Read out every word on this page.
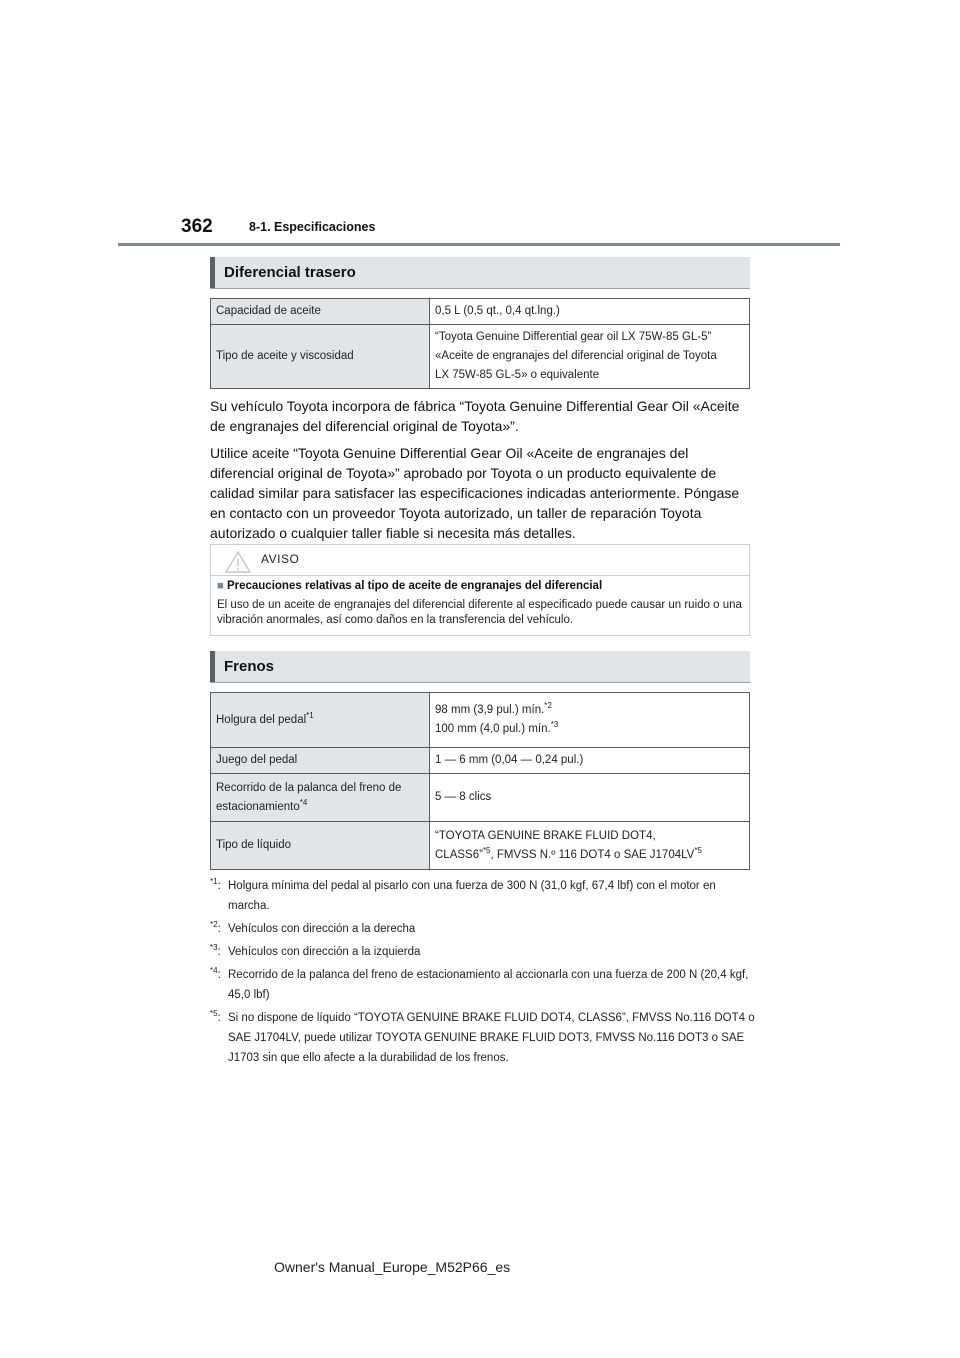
362	8-1. Especificaciones
Diferencial trasero
Capacidad de aceite	0,5 L (0,5 qt., 0,4 qt.lng.)
Tipo de aceite y viscosidad	“Toyota Genuine Differential gear oil LX 75W-85 GL-5”
«Aceite de engranajes del diferencial original de Toyota
LX 75W-85 GL-5» o equivalente

Su vehículo Toyota incorpora de fábrica “Toyota Genuine Differential Gear Oil «Aceite de engranajes del diferencial original de Toyota»”.

Utilice aceite “Toyota Genuine Differential Gear Oil «Aceite de engranajes del diferencial original de Toyota»” aprobado por Toyota o un producto equivalente de calidad similar para satisfacer las especificaciones indicadas anteriormente. Póngase en contacto con un proveedor Toyota autorizado, un taller de reparación Toyota autorizado o cualquier taller fiable si necesita más detalles.

AVISO
■ Precauciones relativas al tipo de aceite de engranajes del diferencial
El uso de un aceite de engranajes del diferencial diferente al especificado puede causar un ruido o una vibración anormales, así como daños en la transferencia del vehículo.
Frenos
Holgura del pedal$^{*1}$	98 mm (3,9 pul.) mín.$^{*2}$
100 mm (4,0 pul.) mín.$^{*3}$

Juego del pedal	1 — 6 mm (0,04 — 0,24 pul.)

Recorrido de la palanca del freno de
estacionamiento$^{*4}$	5 — 8 clics
Tipo de líquido	“TOYOTA GENUINE BRAKE FLUID DOT4,
CLASS6”$^{*5}$, FMVSS N.º 116 DOT4 o SAE J1704LV$^{*5}$
$^{*1}$: Holgura mínima del pedal al pisarlo con una fuerza de 300 N (31,0 kgf, 67,4 lbf) con el motor en marcha.
$^{*2}$: Vehículos con dirección a la derecha
$^{*3}$: Vehículos con dirección a la izquierda
$^{*4}$: Recorrido de la palanca del freno de estacionamiento al accionarla con una fuerza de 200 N (20,4 kgf, 45,0 lbf)
$^{*5}$: Si no dispone de líquido “TOYOTA GENUINE BRAKE FLUID DOT4, CLASS6”, FMVSS No.116 DOT4 o SAE J1704LV, puede utilizar TOYOTA GENUINE BRAKE FLUID DOT3, FMVSS No.116 DOT3 o SAE J1703 sin que ello afecte a la durabilidad de los frenos.
Owner's Manual_Europe_M52P66_es
